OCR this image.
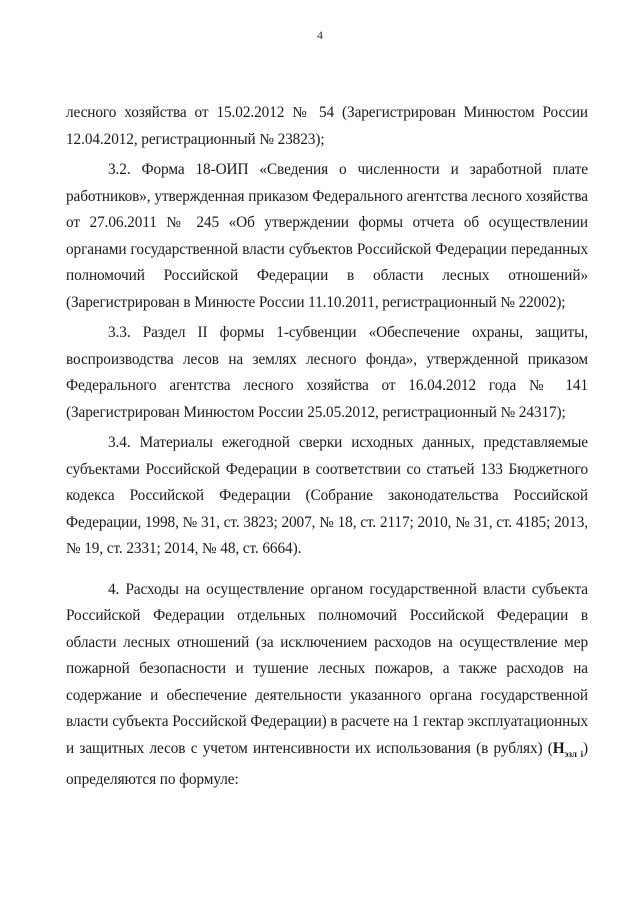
4

лесного хозяйства от 15.02.2012 № 54 (Зарегистрирован Минюстом России 12.04.2012, регистрационный № 23823);

3.2. Форма 18-ОИП «Сведения о численности и заработной плате работников», утвержденная приказом Федерального агентства лесного хозяйства от 27.06.2011 № 245 «Об утверждении формы отчета об осуществлении органами государственной власти субъектов Российской Федерации переданных полномочий Российской Федерации в области лесных отношений» (Зарегистрирован в Минюсте России 11.10.2011, регистрационный № 22002);

3.3. Раздел II формы 1-субвенции «Обеспечение охраны, защиты, воспроизводства лесов на землях лесного фонда», утвержденной приказом Федерального агентства лесного хозяйства от 16.04.2012 года № 141 (Зарегистрирован Минюстом России 25.05.2012, регистрационный № 24317);

3.4. Материалы ежегодной сверки исходных данных, представляемые субъектами Российской Федерации в соответствии со статьей 133 Бюджетного кодекса Российской Федерации (Собрание законодательства Российской Федерации, 1998, № 31, ст. 3823; 2007, № 18, ст. 2117; 2010, № 31, ст. 4185; 2013, № 19, ст. 2331; 2014, № 48, ст. 6664).

4. Расходы на осуществление органом государственной власти субъекта Российской Федерации отдельных полномочий Российской Федерации в области лесных отношений (за исключением расходов на осуществление мер пожарной безопасности и тушение лесных пожаров, а также расходов на содержание и обеспечение деятельности указанного органа государственной власти субъекта Российской Федерации) в расчете на 1 гектар эксплуатационных и защитных лесов с учетом интенсивности их использования (в рублях) $(Н_{эзл i})$ определяются по формуле:
